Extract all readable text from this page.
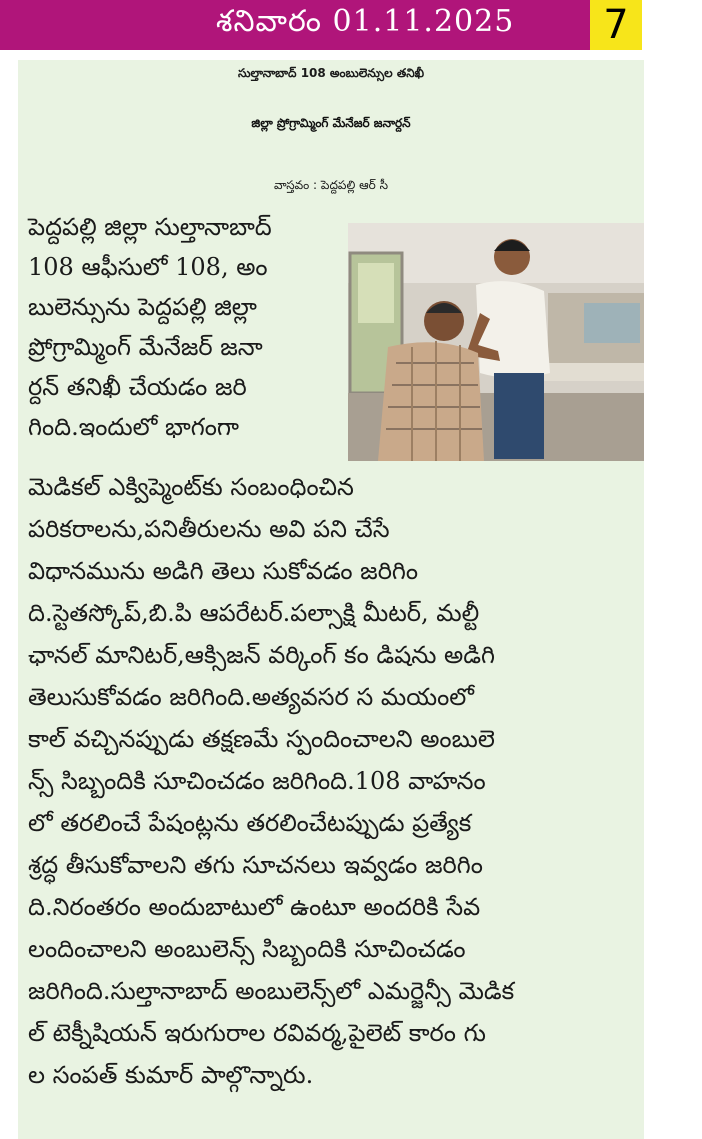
శనివారం 01.11.2025	7
సుల్తానాబాద్ 108 అంబులెన్సుల తనిఖీ
జిల్లా ప్రోగ్రామ్మింగ్ మేనేజర్ జనార్దన్
వాస్తవం : పెద్దపల్లి ఆర్ సీ
పెద్దపల్లి జిల్లా సుల్తానాబాద్
108 ఆఫీసులో 108, అం
బులెన్సును పెద్దపల్లి జిల్లా
ప్రోగ్రామ్మింగ్ మేనేజర్ జనా
ర్దన్ తనిఖీ చేయడం జరి
గింది.ఇందులో భాగంగా
మెడికల్ ఎక్విప్మెంట్‌కు సంబంధించిన
పరికరాలను,పనితీరులను అవి పని చేసే
విధానమును అడిగి తెలు సుకోవడం జరిగిం
ది.స్టెతస్కోప్,బి.పి ఆపరేటర్.పల్సాక్షి మీటర్, మల్టీ
ఛానల్ మానిటర్,ఆక్సిజన్ వర్కింగ్ కం డిషను అడిగి
తెలుసుకోవడం జరిగింది.అత్యవసర స మయంలో
కాల్ వచ్చినప్పుడు తక్షణమే స్పందించాలని అంబులె
న్స్ సిబ్బందికి సూచించడం జరిగింది.108 వాహనం
లో తరలించే పేషంట్లను తరలించేటప్పుడు ప్రత్యేక
శ్రద్ధ తీసుకోవాలని తగు సూచనలు ఇవ్వడం జరిగిం
ది.నిరంతరం అందుబాటులో ఉంటూ అందరికి సేవ
లందించాలని అంబులెన్స్ సిబ్బందికి సూచించడం
జరిగింది.సుల్తానాబాద్ అంబులెన్స్‌లో ఎమర్జెన్సీ మెడిక
ల్ టెక్నీషియన్ ఇరుగురాల రవివర్మ,పైలెట్ కారం గు
ల సంపత్ కుమార్ పాల్గొన్నారు.
